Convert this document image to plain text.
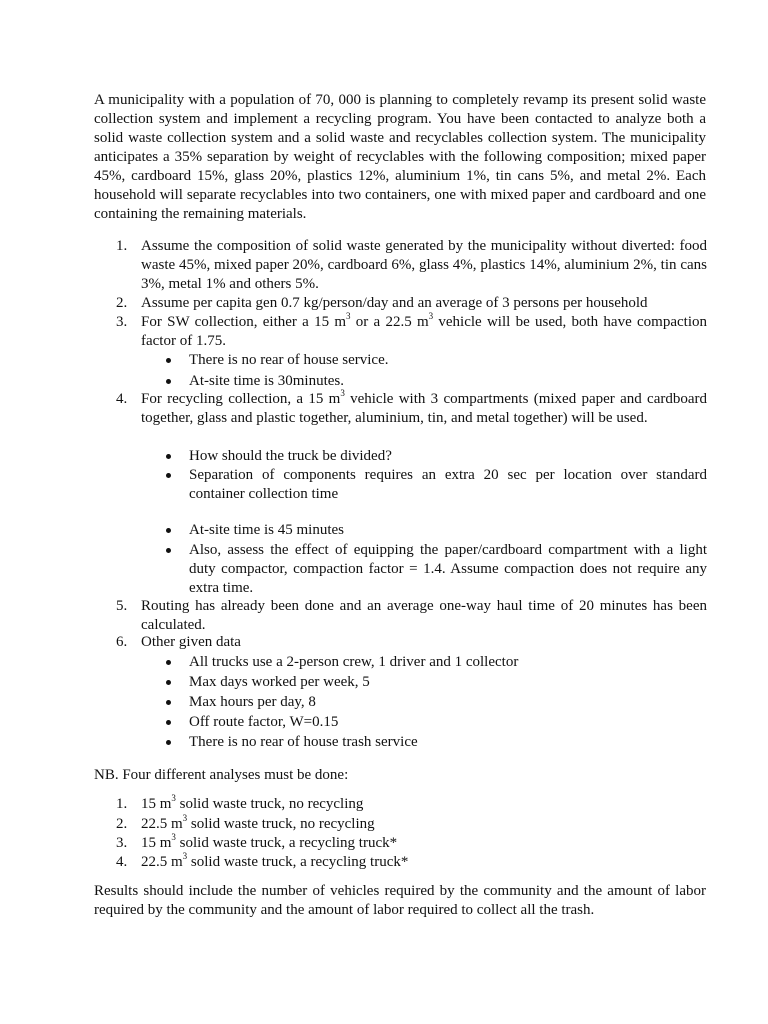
A municipality with a population of 70, 000 is planning to completely revamp its present solid waste collection system and implement a recycling program. You have been contacted to analyze both a solid waste collection system and a solid waste and recyclables collection system. The municipality anticipates a 35% separation by weight of recyclables with the following composition; mixed paper 45%, cardboard 15%, glass 20%, plastics 12%, aluminium 1%, tin cans 5%, and metal 2%. Each household will separate recyclables into two containers, one with mixed paper and cardboard and one containing the remaining materials.

1. Assume the composition of solid waste generated by the municipality without diverted: food waste 45%, mixed paper 20%, cardboard 6%, glass 4%, plastics 14%, aluminium 2%, tin cans 3%, metal 1% and others 5%.
2. Assume per capita gen 0.7 kg/person/day and an average of 3 persons per household
3. For SW collection, either a 15 $m^3$ or a 22.5 $m^3$ vehicle will be used, both have compaction factor of 1.75.
There is no rear of house service.
At-site time is 30minutes.
4. For recycling collection, a 15 $m^3$ vehicle with 3 compartments (mixed paper and cardboard together, glass and plastic together, aluminium, tin, and metal together) will be used.
How should the truck be divided?
Separation of components requires an extra 20 sec per location over standard container collection time
At-site time is 45 minutes
Also, assess the effect of equipping the paper/cardboard compartment with a light duty compactor, compaction factor = 1.4. Assume compaction does not require any extra time.
5. Routing has already been done and an average one-way haul time of 20 minutes has been calculated.
6. Other given data
All trucks use a 2-person crew, 1 driver and 1 collector
Max days worked per week, 5
Max hours per day, 8
Off route factor, W=0.15
There is no rear of house trash service
NB. Four different analyses must be done:
1. 15 $m^3$ solid waste truck, no recycling
2. 22.5 $m^3$ solid waste truck, no recycling
3. 15 $m^3$ solid waste truck, a recycling truck*
4. 22.5 $m^3$ solid waste truck, a recycling truck*

Results should include the number of vehicles required by the community and the amount of labor required by the community and the amount of labor required to collect all the trash.
